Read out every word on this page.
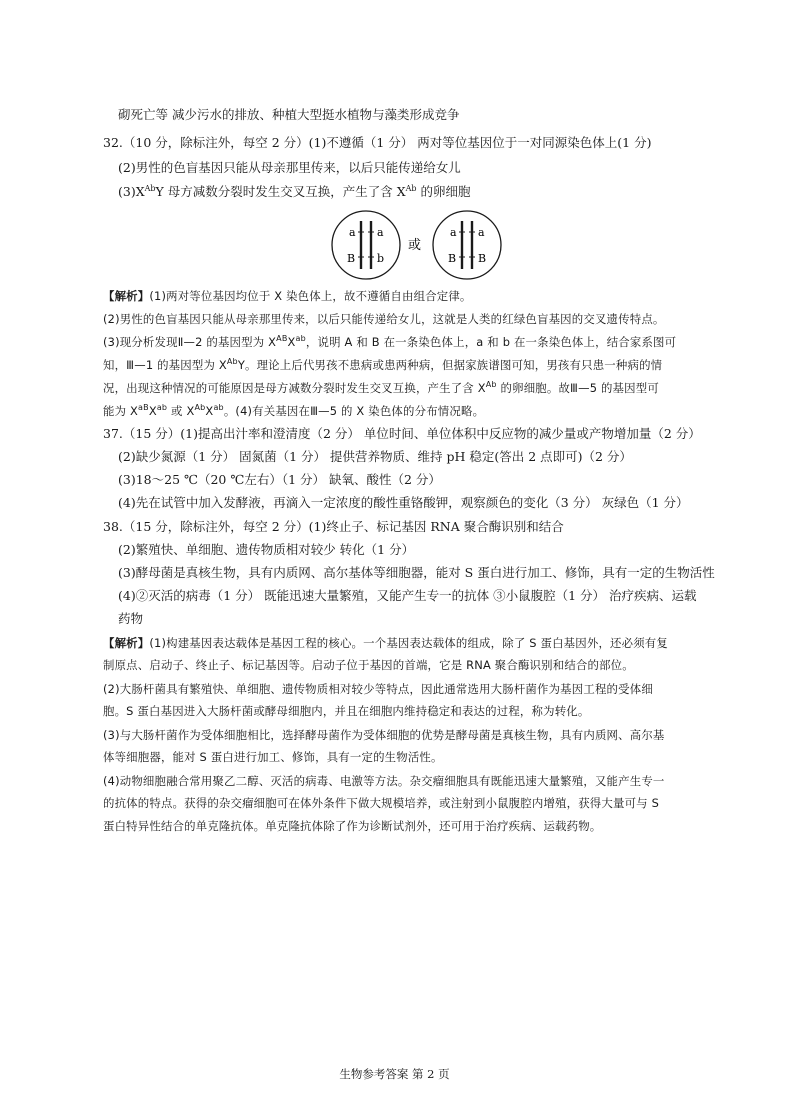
砌死亡等 减少污水的排放、种植大型挺水植物与藻类形成竞争
32.（10 分，除标注外，每空 2 分）(1)不遵循（1 分） 两对等位基因位于一对同源染色体上(1 分)
(2)男性的色盲基因只能从母亲那里传来，以后只能传递给女儿
$(3)X^{Ab}Y$ 母方减数分裂时发生交叉互换，产生了含 $X^{Ab}$ 的卵细胞
a a
B b
或
a a
B B
【解析】(1)两对等位基因均位于 X 染色体上，故不遵循自由组合定律。
(2)男性的色盲基因只能从母亲那里传来，以后只能传递给女儿，这就是人类的红绿色盲基因的交叉遗传特点。
(3)现分析发现Ⅱ—2 的基因型为 $X^{AB}X^{ab}$，说明 A 和 B 在一条染色体上，a 和 b 在一条染色体上，结合家系图可
知，Ⅲ—1 的基因型为 $X^{Ab}Y$。理论上后代男孩不患病或患两种病，但据家族谱图可知，男孩有只患一种病的情
况，出现这种情况的可能原因是母方减数分裂时发生交叉互换，产生了含 $X^{Ab}$ 的卵细胞。故Ⅲ—5 的基因型可
能为 $X^{aB}X^{ab}$ 或 $X^{Ab}X^{ab}$。(4)有关基因在Ⅲ—5 的 X 染色体的分布情况略。
37.（15 分）(1)提高出汁率和澄清度（2 分） 单位时间、单位体积中反应物的减少量或产物增加量（2 分）
(2)缺少氮源（1 分） 固氮菌（1 分） 提供营养物质、维持 pH 稳定(答出 2 点即可)（2 分）
(3)18～25 ℃（20 ℃左右）（1 分） 缺氧、酸性（2 分）
(4)先在试管中加入发酵液，再滴入一定浓度的酸性重铬酸钾，观察颜色的变化（3 分） 灰绿色（1 分）
38.（15 分，除标注外，每空 2 分）(1)终止子、标记基因 RNA 聚合酶识别和结合
(2)繁殖快、单细胞、遗传物质相对较少 转化（1 分）
(3)酵母菌是真核生物，具有内质网、高尔基体等细胞器，能对 S 蛋白进行加工、修饰，具有一定的生物活性
(4)②灭活的病毒（1 分） 既能迅速大量繁殖，又能产生专一的抗体 ③小鼠腹腔（1 分） 治疗疾病、运载
药物
【解析】(1)构建基因表达载体是基因工程的核心。一个基因表达载体的组成，除了 S 蛋白基因外，还必须有复
制原点、启动子、终止子、标记基因等。启动子位于基因的首端，它是 RNA 聚合酶识别和结合的部位。
(2)大肠杆菌具有繁殖快、单细胞、遗传物质相对较少等特点，因此通常选用大肠杆菌作为基因工程的受体细
胞。S 蛋白基因进入大肠杆菌或酵母细胞内，并且在细胞内维持稳定和表达的过程，称为转化。
(3)与大肠杆菌作为受体细胞相比，选择酵母菌作为受体细胞的优势是酵母菌是真核生物，具有内质网、高尔基
体等细胞器，能对 S 蛋白进行加工、修饰，具有一定的生物活性。
(4)动物细胞融合常用聚乙二醇、灭活的病毒、电激等方法。杂交瘤细胞具有既能迅速大量繁殖，又能产生专一
的抗体的特点。获得的杂交瘤细胞可在体外条件下做大规模培养，或注射到小鼠腹腔内增殖，获得大量可与 S
蛋白特异性结合的单克隆抗体。单克隆抗体除了作为诊断试剂外，还可用于治疗疾病、运载药物。
生物参考答案 第 2 页
